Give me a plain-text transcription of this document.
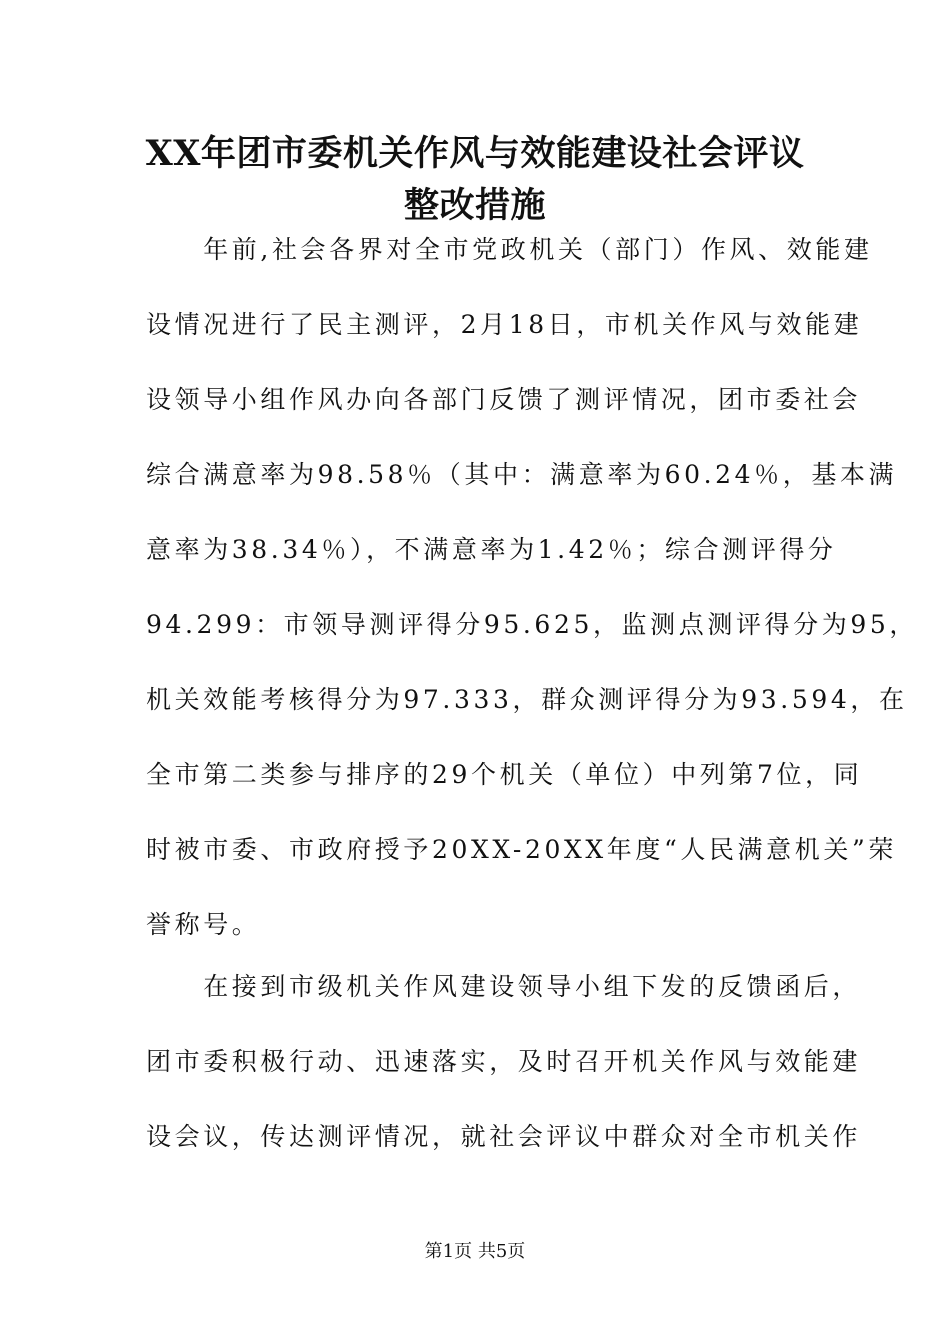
XX年团市委机关作风与效能建设社会评议
整改措施

　　年前,社会各界对全市党政机关（部门）作风、效能建

设情况进行了民主测评，2月18日，市机关作风与效能建

设领导小组作风办向各部门反馈了测评情况，团市委社会

综合满意率为98.58％（其中：满意率为60.24％，基本满

意率为38.34％），不满意率为1.42％；综合测评得分

94.299：市领导测评得分95.625，监测点测评得分为95，

机关效能考核得分为97.333，群众测评得分为93.594，在

全市第二类参与排序的29个机关（单位）中列第7位，同

时被市委、市政府授予20XX-20XX年度“人民满意机关”荣

誉称号。

　　在接到市级机关作风建设领导小组下发的反馈函后，

团市委积极行动、迅速落实，及时召开机关作风与效能建

设会议，传达测评情况，就社会评议中群众对全市机关作

第1页 共5页
